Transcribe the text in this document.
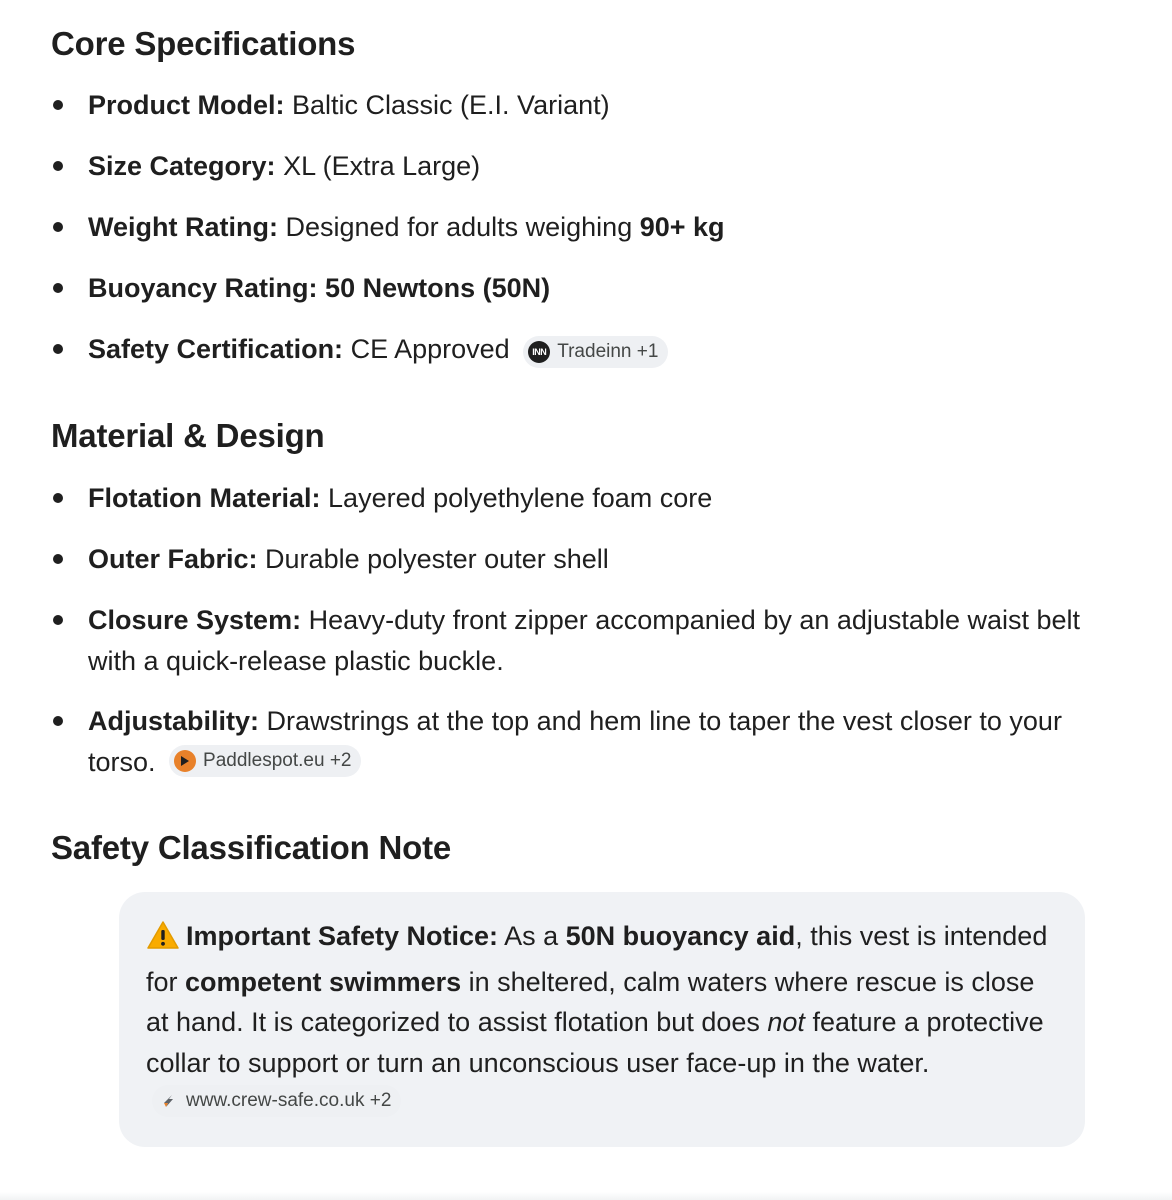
Core Specifications
Product Model: Baltic Classic (E.I. Variant)
Size Category: XL (Extra Large)
Weight Rating: Designed for adults weighing 90+ kg
Buoyancy Rating: 50 Newtons (50N)
Safety Certification: CE Approved	INN Tradeinn +1
Material & Design
Flotation Material: Layered polyethylene foam core
Outer Fabric: Durable polyester outer shell
Closure System: Heavy-duty front zipper accompanied by an adjustable waist belt with a quick-release plastic buckle.
Adjustability: Drawstrings at the top and hem line to taper the vest closer to your torso.	Paddlespot.eu +2
Safety Classification Note

Important Safety Notice: As a 50N buoyancy aid, this vest is intended for competent swimmers in sheltered, calm waters where rescue is close at hand. It is categorized to assist flotation but does not feature a protective collar to support or turn an unconscious user face-up in the water.
www.crew-safe.co.uk +2
